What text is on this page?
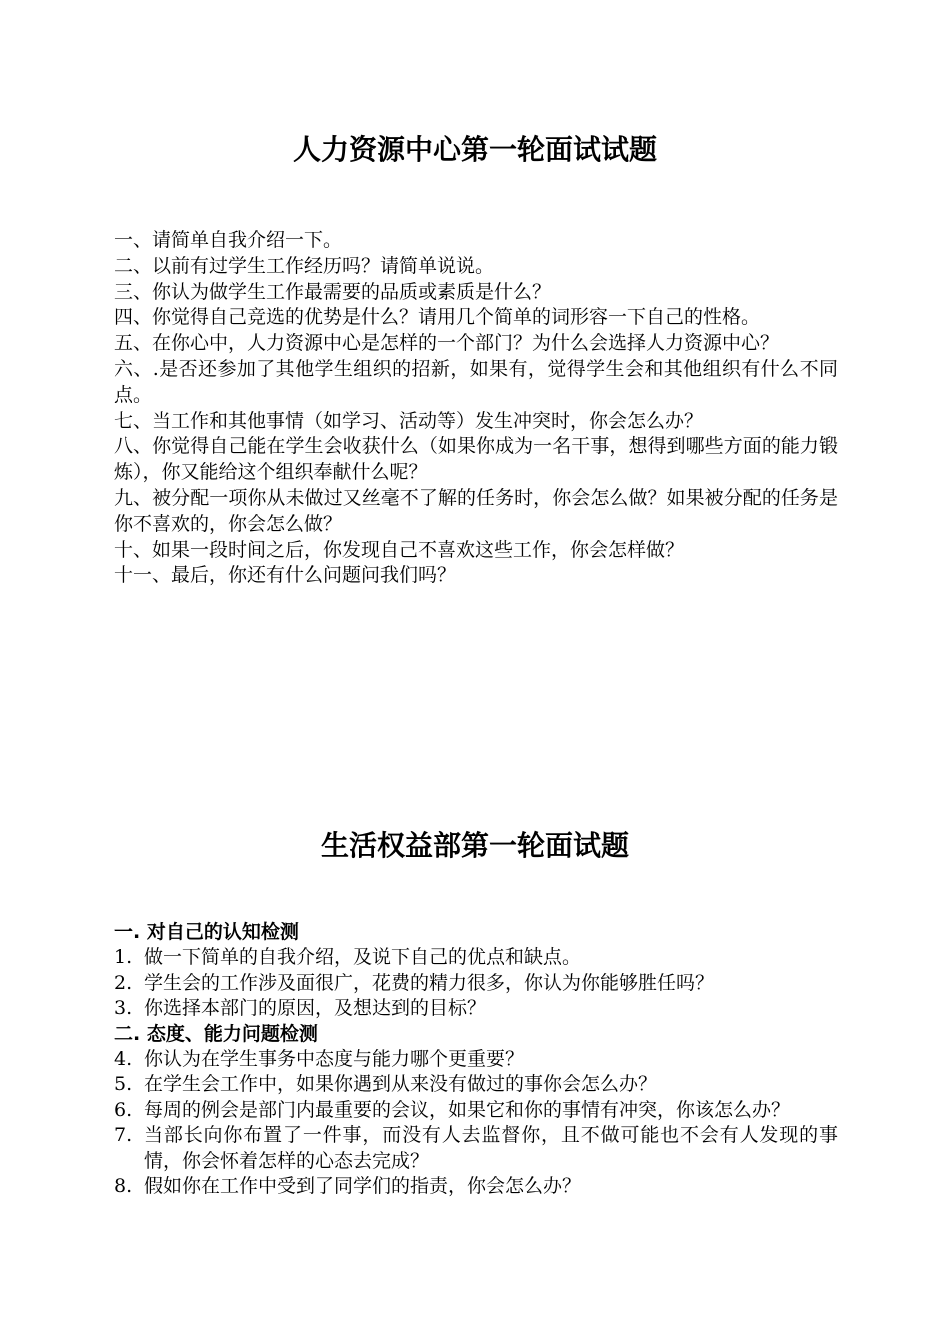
人力资源中心第一轮面试试题

一、请简单自我介绍一下。

二、以前有过学生工作经历吗？请简单说说。

三、你认为做学生工作最需要的品质或素质是什么？

四、你觉得自己竞选的优势是什么？请用几个简单的词形容一下自己的性格。

五、在你心中，人力资源中心是怎样的一个部门？为什么会选择人力资源中心？

六、.是否还参加了其他学生组织的招新，如果有，觉得学生会和其他组织有什么不同点。

七、当工作和其他事情（如学习、活动等）发生冲突时，你会怎么办？

八、你觉得自己能在学生会收获什么（如果你成为一名干事，想得到哪些方面的能力锻炼），你又能给这个组织奉献什么呢？

九、被分配一项你从未做过又丝毫不了解的任务时，你会怎么做？如果被分配的任务是你不喜欢的，你会怎么做？

十、如果一段时间之后，你发现自己不喜欢这些工作，你会怎样做？

十一、最后，你还有什么问题问我们吗？

生活权益部第一轮面试题

一. 对自己的认知检测

1. 做一下简单的自我介绍，及说下自己的优点和缺点。
2. 学生会的工作涉及面很广，花费的精力很多，你认为你能够胜任吗？
3. 你选择本部门的原因，及想达到的目标？

二. 态度、能力问题检测

4. 你认为在学生事务中态度与能力哪个更重要？
5. 在学生会工作中，如果你遇到从来没有做过的事你会怎么办？
6. 每周的例会是部门内最重要的会议，如果它和你的事情有冲突，你该怎么办？
7. 当部长向你布置了一件事，而没有人去监督你，且不做可能也不会有人发现的事情，你会怀着怎样的心态去完成？
8. 假如你在工作中受到了同学们的指责，你会怎么办？
